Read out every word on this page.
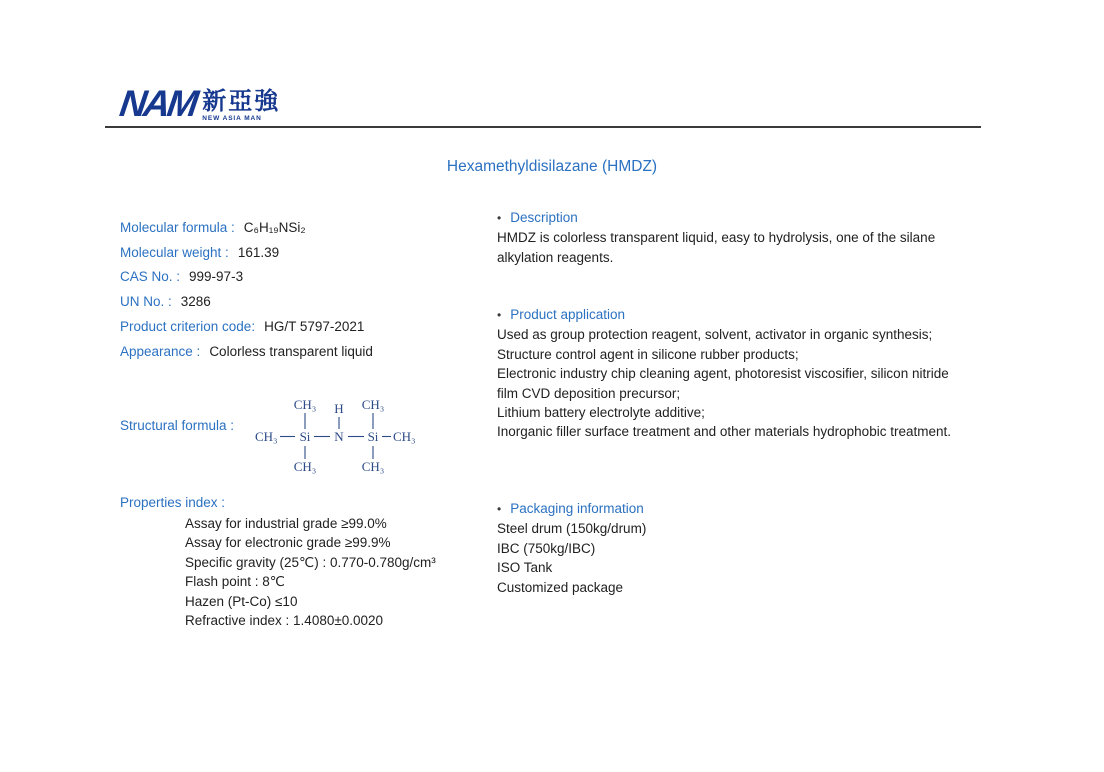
NAM 新亞強
NEW ASIA MAN
Hexamethyldisilazane (HMDZ)
Molecular formula : C₆H₁₉NSi₂
Molecular weight : 161.39
CAS No. : 999-97-3
UN No. : 3286
Product criterion code: HG/T 5797-2021
Appearance : Colorless transparent liquid
Structural formula :
CH₃ H CH₃
CH₃ Si N Si CH₃
CH₃	CH₃
Properties index :
Assay for industrial grade ≥99.0%
Assay for electronic grade ≥99.9%
Specific gravity (25℃) : 0.770-0.780g/cm³
Flash point : 8℃
Hazen (Pt-Co) ≤10
Refractive index : 1.4080±0.0020
• Description

HMDZ is colorless transparent liquid, easy to hydrolysis, one of the silane alkylation reagents.

• Product application

Used as group protection reagent, solvent, activator in organic synthesis;

Structure control agent in silicone rubber products;

Electronic industry chip cleaning agent, photoresist viscosifier, silicon nitride film CVD deposition precursor;

Lithium battery electrolyte additive;

Inorganic filler surface treatment and other materials hydrophobic treatment.

• Packaging information

Steel drum (150kg/drum)

IBC (750kg/IBC)

ISO Tank

Customized package
